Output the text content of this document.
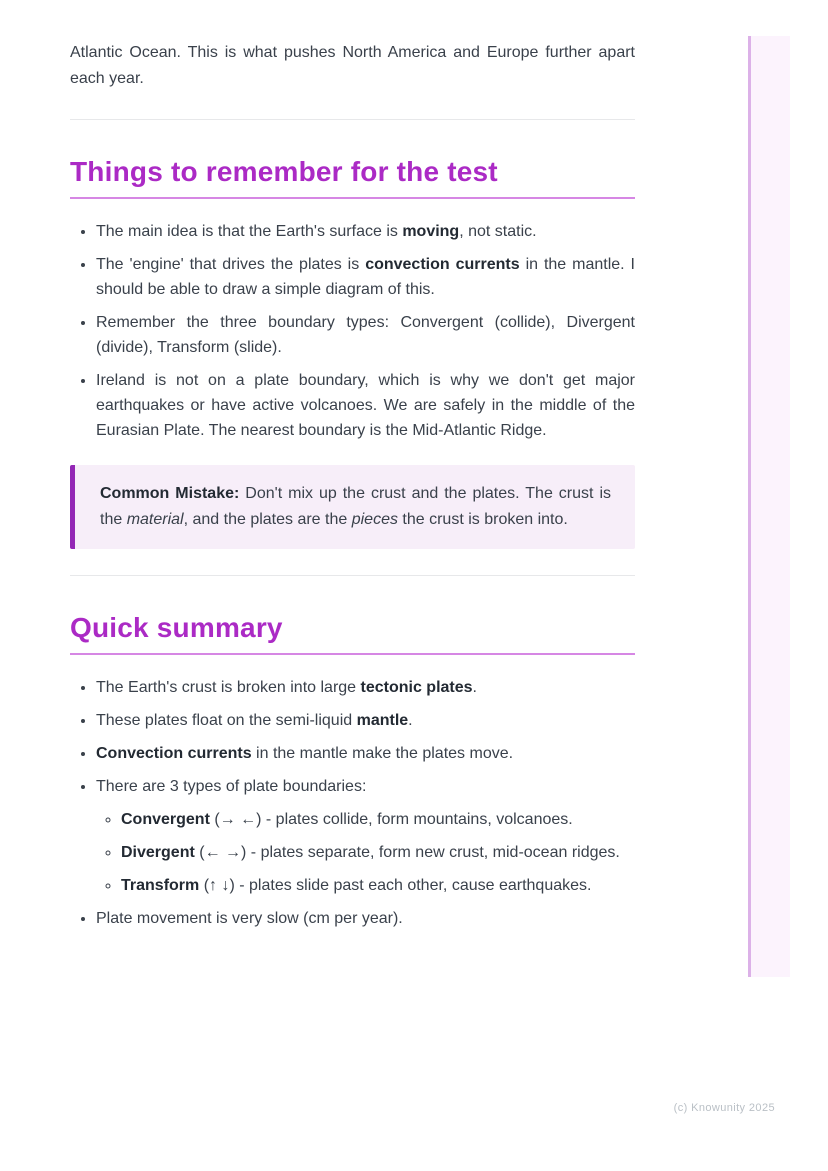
Atlantic Ocean. This is what pushes North America and Europe further apart each year.

Things to remember for the test
• The main idea is that the Earth's surface is moving, not static.
• The 'engine' that drives the plates is convection currents in the mantle. I should be able to draw a simple diagram of this.
• Remember the three boundary types: Convergent (collide), Divergent (divide), Transform (slide).
• Ireland is not on a plate boundary, which is why we don't get major earthquakes or have active volcanoes. We are safely in the middle of the Eurasian Plate. The nearest boundary is the Mid-Atlantic Ridge.

Common Mistake: Don't mix up the crust and the plates. The crust is the material, and the plates are the pieces the crust is broken into.

Quick summary
• The Earth's crust is broken into large tectonic plates.
• These plates float on the semi-liquid mantle.
• Convection currents in the mantle make the plates move.
• There are 3 types of plate boundaries:
◦ Convergent (→ ←) - plates collide, form mountains, volcanoes.
◦ Divergent (← →) - plates separate, form new crust, mid-ocean ridges.
◦ Transform (↑ ↓) - plates slide past each other, cause earthquakes.
• Plate movement is very slow (cm per year).
(c) Knowunity 2025
